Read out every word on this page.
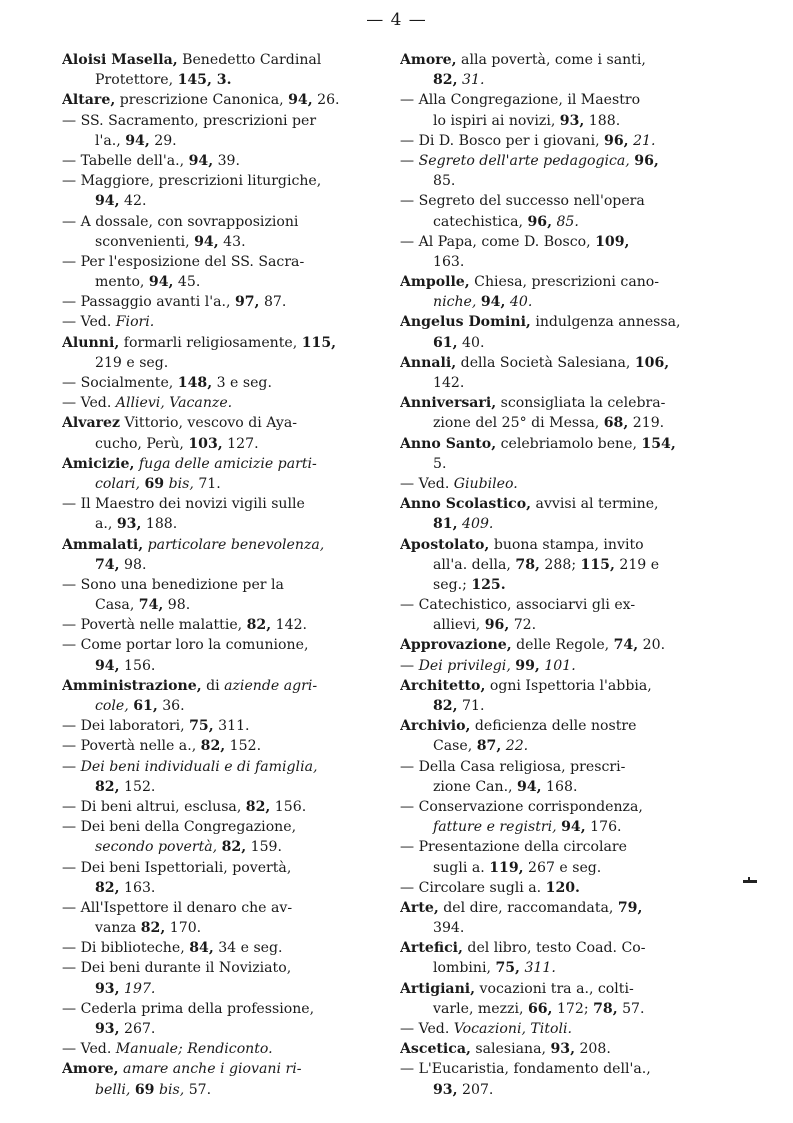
— 4 —
Aloisi Masella, Benedetto Cardinal
Protettore, 145, 3.
Altare, prescrizione Canonica, 94, 26.
— SS. Sacramento, prescrizioni per
l'a., 94, 29.
— Tabelle dell'a., 94, 39.
— Maggiore, prescrizioni liturgiche,
94, 42.
— A dossale, con sovrapposizioni
sconvenienti, 94, 43.
— Per l'esposizione del SS. Sacra-
mento, 94, 45.
— Passaggio avanti l'a., 97, 87.
— Ved. Fiori.
Alunni, formarli religiosamente, 115,
219 e seg.
— Socialmente, 148, 3 e seg.
— Ved. Allievi, Vacanze.
Alvarez Vittorio, vescovo di Aya-
cucho, Perù, 103, 127.
Amicizie, fuga delle amicizie parti-
colari, 69 bis, 71.
— Il Maestro dei novizi vigili sulle
a., 93, 188.
Ammalati, particolare benevolenza,
74, 98.
— Sono una benedizione per la
Casa, 74, 98.
— Povertà nelle malattie, 82, 142.
— Come portar loro la comunione,
94, 156.
Amministrazione, di aziende agri-
cole, 61, 36.
— Dei laboratori, 75, 311.
— Povertà nelle a., 82, 152.
— Dei beni individuali e di famiglia,
82, 152.
— Di beni altrui, esclusa, 82, 156.
— Dei beni della Congregazione,
secondo povertà, 82, 159.
— Dei beni Ispettoriali, povertà,
82, 163.
— All'Ispettore il denaro che av-
vanza 82, 170.
— Di biblioteche, 84, 34 e seg.
— Dei beni durante il Noviziato,
93, 197.
— Cederla prima della professione,
93, 267.
— Ved. Manuale; Rendiconto.
Amore, amare anche i giovani ri-
belli, 69 bis, 57.
Amore, alla povertà, come i santi,
82, 31.
— Alla Congregazione, il Maestro
lo ispiri ai novizi, 93, 188.
— Di D. Bosco per i giovani, 96, 21.
— Segreto dell'arte pedagogica, 96,
85.
— Segreto del successo nell'opera
catechistica, 96, 85.
— Al Papa, come D. Bosco, 109,
163.
Ampolle, Chiesa, prescrizioni cano-
niche, 94, 40.
Angelus Domini, indulgenza annessa,
61, 40.
Annali, della Società Salesiana, 106,
142.
Anniversari, sconsigliata la celebra-
zione del 25° di Messa, 68, 219.
Anno Santo, celebriamolo bene, 154,
5.
— Ved. Giubileo.
Anno Scolastico, avvisi al termine,
81, 409.
Apostolato, buona stampa, invito
all'a. della, 78, 288; 115, 219 e
seg.; 125.
— Catechistico, associarvi gli ex-
allievi, 96, 72.
Approvazione, delle Regole, 74, 20.
— Dei privilegi, 99, 101.
Architetto, ogni Ispettoria l'abbia,
82, 71.
Archivio, deficienza delle nostre
Case, 87, 22.
— Della Casa religiosa, prescri-
zione Can., 94, 168.
— Conservazione corrispondenza,
fatture e registri, 94, 176.
— Presentazione della circolare
sugli a. 119, 267 e seg.
— Circolare sugli a. 120.
Arte, del dire, raccomandata, 79,
394.
Artefici, del libro, testo Coad. Co-
lombini, 75, 311.
Artigiani, vocazioni tra a., colti-
varle, mezzi, 66, 172; 78, 57.
— Ved. Vocazioni, Titoli.
Ascetica, salesiana, 93, 208.
— L'Eucaristia, fondamento dell'a.,
93, 207.
